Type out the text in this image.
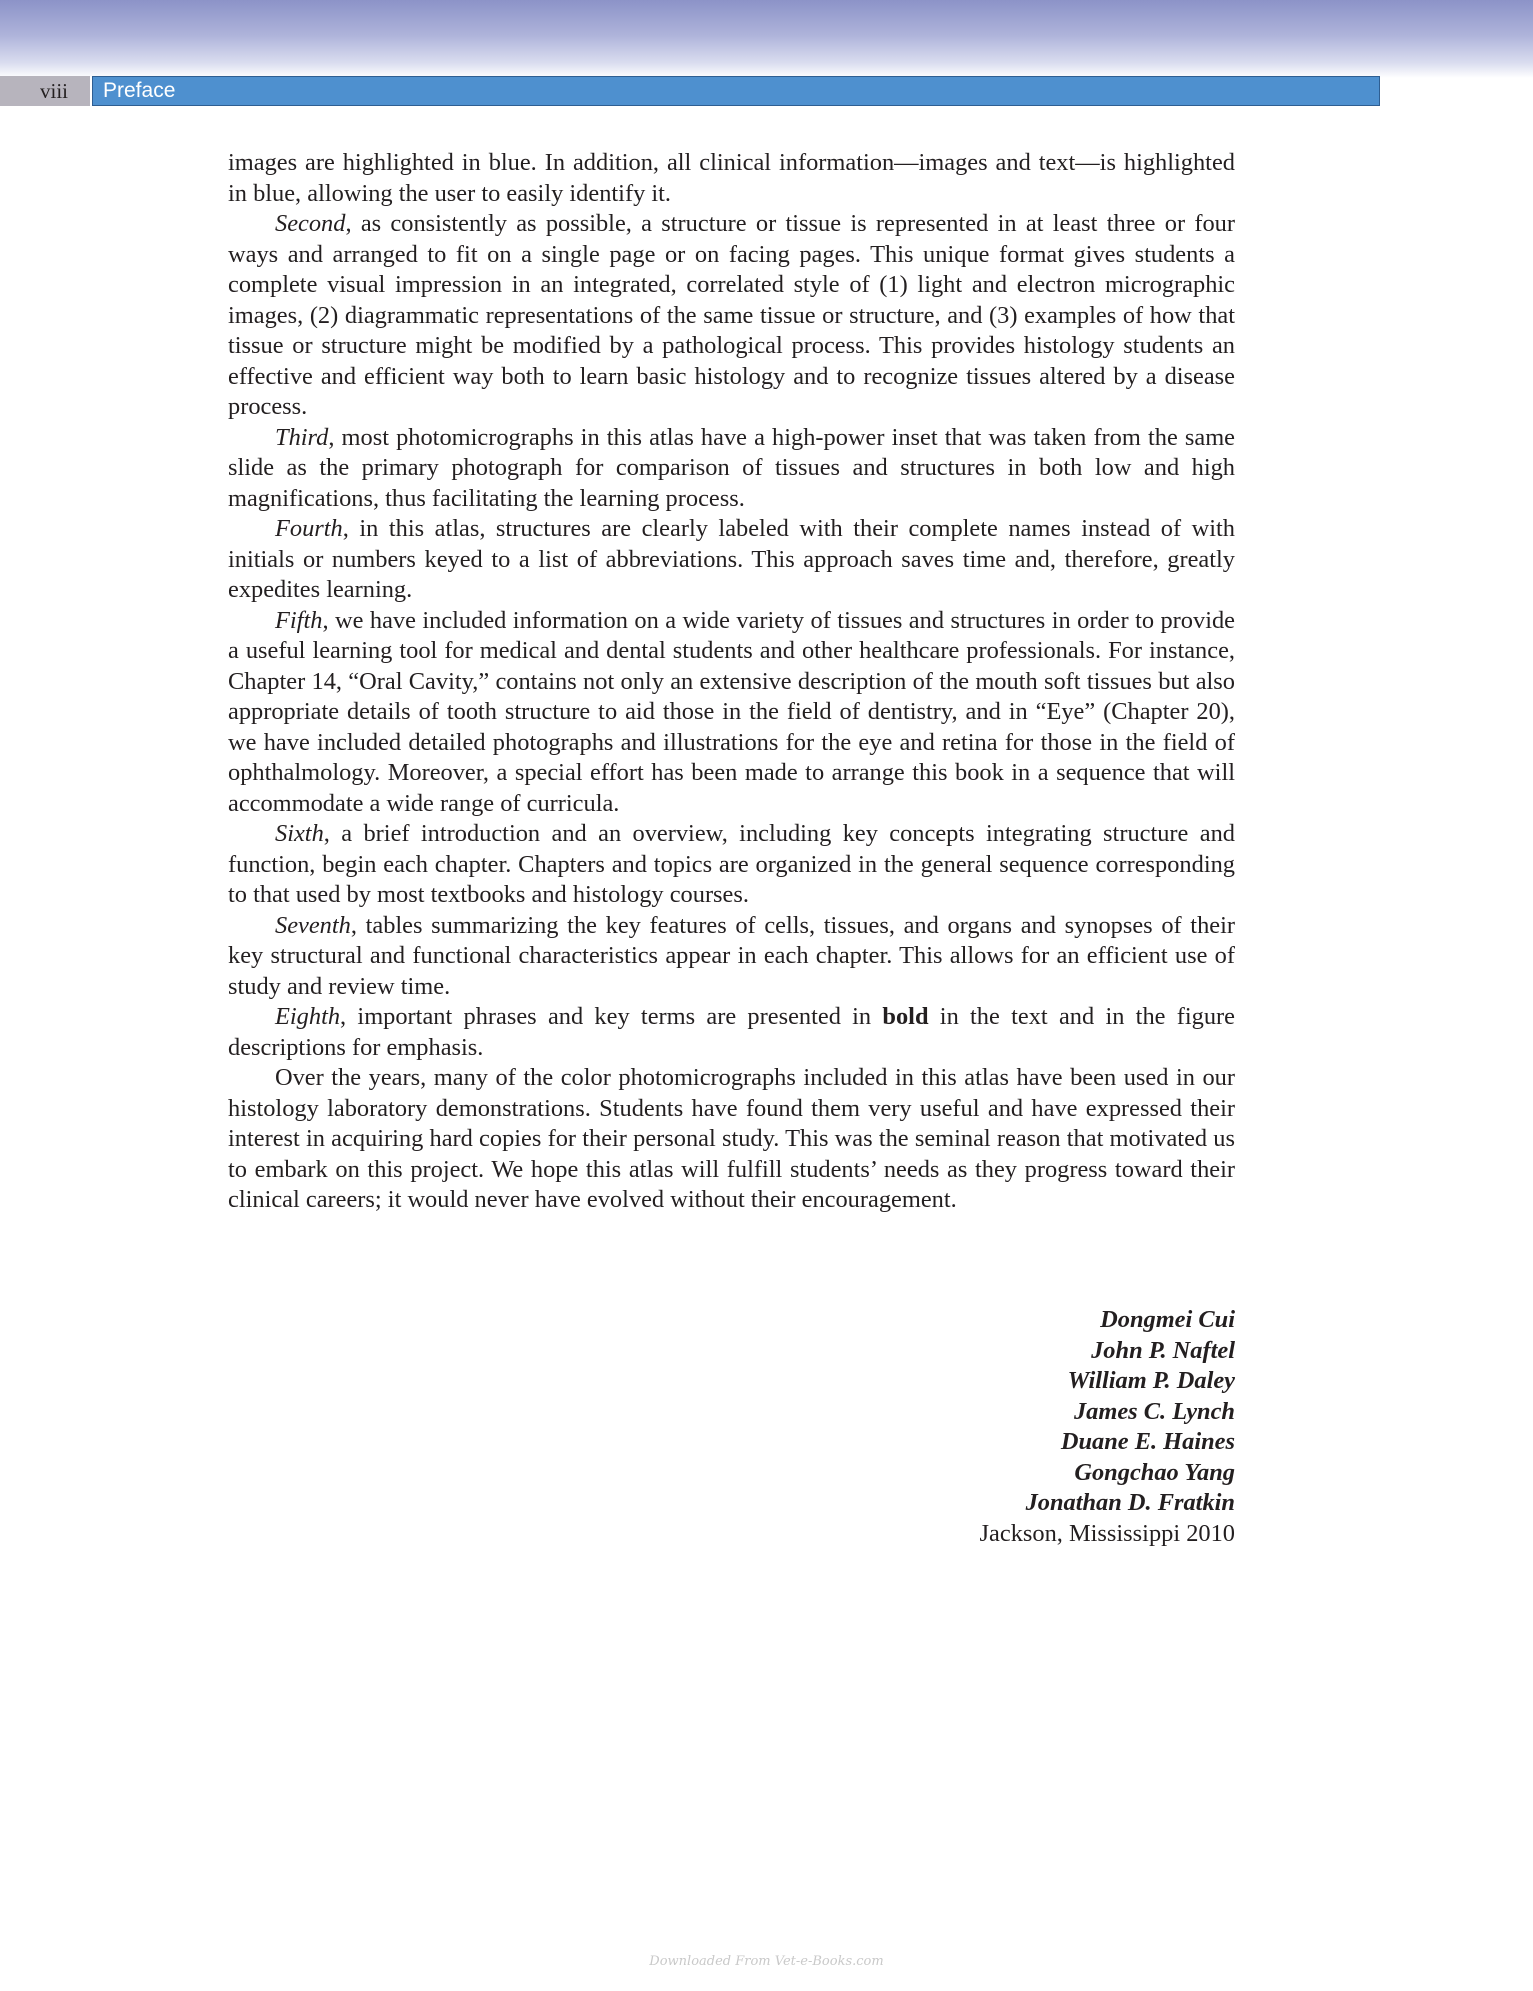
viii	Preface

images are highlighted in blue. In addition, all clinical information—images and text—is highlighted in blue, allowing the user to easily identify it.

Second, as consistently as possible, a structure or tissue is represented in at least three or four ways and arranged to fit on a single page or on facing pages. This unique format gives students a complete visual impression in an integrated, correlated style of (1) light and electron micrographic images, (2) diagrammatic representations of the same tissue or structure, and (3) examples of how that tissue or structure might be modified by a pathological process. This provides histology students an effective and efficient way both to learn basic histology and to recognize tissues altered by a disease process.

Third, most photomicrographs in this atlas have a high-power inset that was taken from the same slide as the primary photograph for comparison of tissues and structures in both low and high magnifications, thus facilitating the learning process.

Fourth, in this atlas, structures are clearly labeled with their complete names instead of with initials or numbers keyed to a list of abbreviations. This approach saves time and, therefore, greatly expedites learning.

Fifth, we have included information on a wide variety of tissues and structures in order to provide a useful learning tool for medical and dental students and other healthcare professionals. For instance, Chapter 14, “Oral Cavity,” contains not only an extensive description of the mouth soft tissues but also appropriate details of tooth structure to aid those in the field of dentistry, and in “Eye” (Chapter 20), we have included detailed photographs and illustrations for the eye and retina for those in the field of ophthalmology. Moreover, a special effort has been made to arrange this book in a sequence that will accommodate a wide range of curricula.

Sixth, a brief introduction and an overview, including key concepts integrating structure and function, begin each chapter. Chapters and topics are organized in the general sequence corresponding to that used by most textbooks and histology courses.

Seventh, tables summarizing the key features of cells, tissues, and organs and synopses of their key structural and functional characteristics appear in each chapter. This allows for an efficient use of study and review time.

Eighth, important phrases and key terms are presented in bold in the text and in the figure descriptions for emphasis.

Over the years, many of the color photomicrographs included in this atlas have been used in our histology laboratory demonstrations. Students have found them very useful and have expressed their interest in acquiring hard copies for their personal study. This was the seminal reason that motivated us to embark on this project. We hope this atlas will fulfill students’ needs as they progress toward their clinical careers; it would never have evolved without their encouragement.

Dongmei Cui
John P. Naftel
William P. Daley
James C. Lynch
Duane E. Haines
Gongchao Yang
Jonathan D. Fratkin
Jackson, Mississippi 2010
Downloaded From Vet-e-Books.com
